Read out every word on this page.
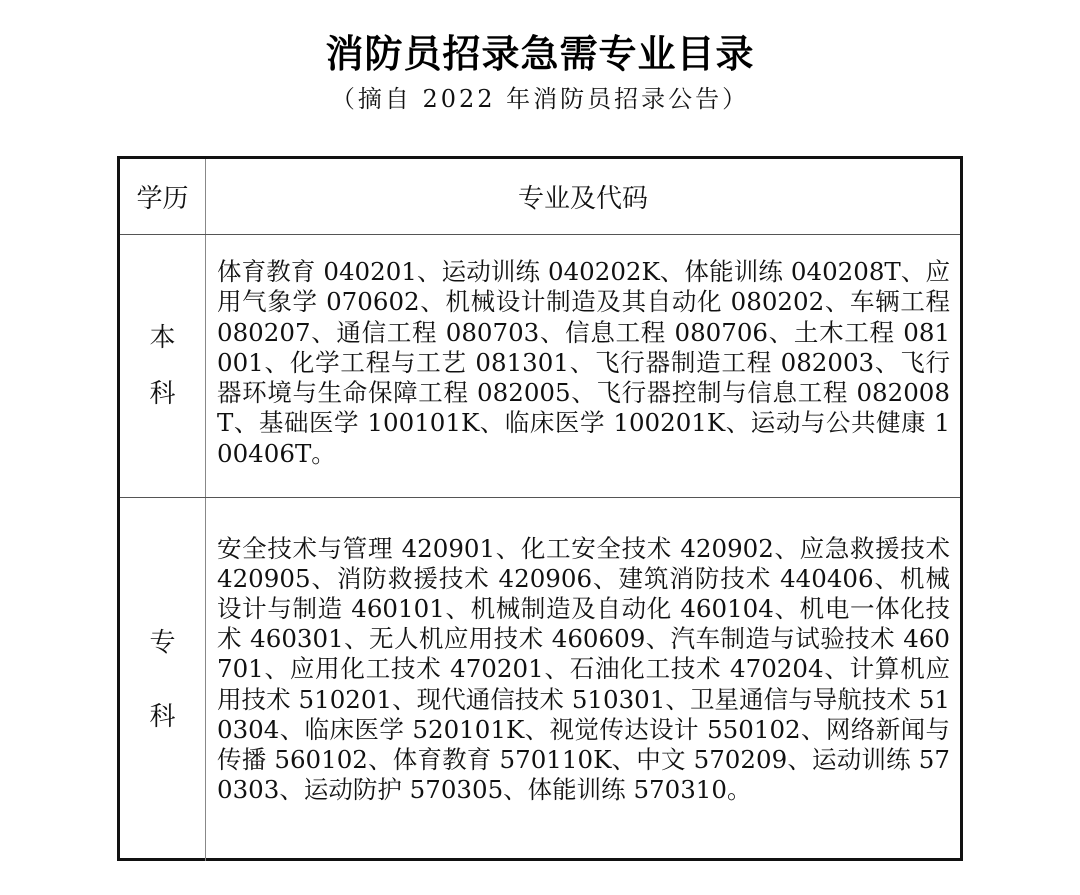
消防员招录急需专业目录
（摘自 2022 年消防员招录公告）
学历	专业及代码
本
科
体育教育 040201、运动训练 040202K、体能训练 040208T、应用气象学 070602、机械设计制造及其自动化 080202、车辆工程 080207、通信工程 080703、信息工程 080706、土木工程 081001、化学工程与工艺 081301、飞行器制造工程 082003、飞行器环境与生命保障工程 082005、飞行器控制与信息工程 082008T、基础医学 100101K、临床医学 100201K、运动与公共健康 100406T。
专
科
安全技术与管理 420901、化工安全技术 420902、应急救援技术 420905、消防救援技术 420906、建筑消防技术 440406、机械设计与制造 460101、机械制造及自动化 460104、机电一体化技术 460301、无人机应用技术 460609、汽车制造与试验技术 460701、应用化工技术 470201、石油化工技术 470204、计算机应用技术 510201、现代通信技术 510301、卫星通信与导航技术 510304、临床医学 520101K、视觉传达设计 550102、网络新闻与传播 560102、体育教育 570110K、中文 570209、运动训练 570303、运动防护 570305、体能训练 570310。
